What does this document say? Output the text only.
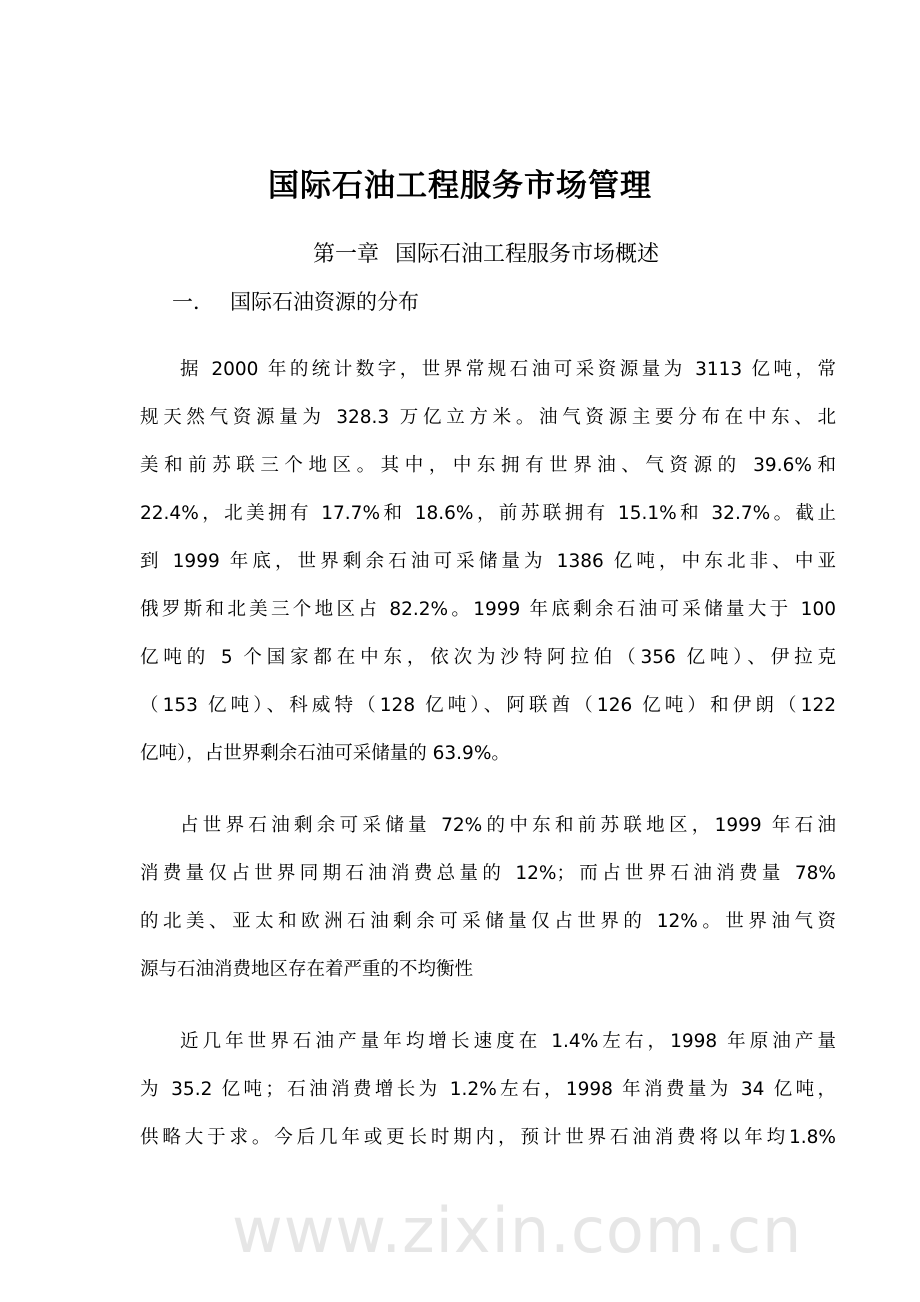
国际石油工程服务市场管理
第一章 国际石油工程服务市场概述
一． 国际石油资源的分布
据 2000 年的统计数字，世界常规石油可采资源量为 3113 亿吨，常
规天然气资源量为 328.3 万亿立方米。油气资源主要分布在中东、北
美和前苏联三个地区。其中，中东拥有世界油、气资源的 39.6%和
22.4%，北美拥有 17.7%和 18.6%，前苏联拥有 15.1%和 32.7%。截止
到 1999 年底，世界剩余石油可采储量为 1386 亿吨，中东北非、中亚
俄罗斯和北美三个地区占 82.2%。1999 年底剩余石油可采储量大于 100
亿吨的 5 个国家都在中东，依次为沙特阿拉伯（356 亿吨）、伊拉克
（153 亿吨）、科威特（128 亿吨）、阿联酋（126 亿吨）和伊朗（122
亿吨），占世界剩余石油可采储量的 63.9%。
占世界石油剩余可采储量 72%的中东和前苏联地区，1999 年石油
消费量仅占世界同期石油消费总量的 12%；而占世界石油消费量 78%
的北美、亚太和欧洲石油剩余可采储量仅占世界的 12%。世界油气资
源与石油消费地区存在着严重的不均衡性
近几年世界石油产量年均增长速度在 1.4%左右，1998 年原油产量
为 35.2 亿吨；石油消费增长为 1.2%左右，1998 年消费量为 34 亿吨，
供略大于求。今后几年或更长时期内，预计世界石油消费将以年均1.8%
www.zixin.com.cn
